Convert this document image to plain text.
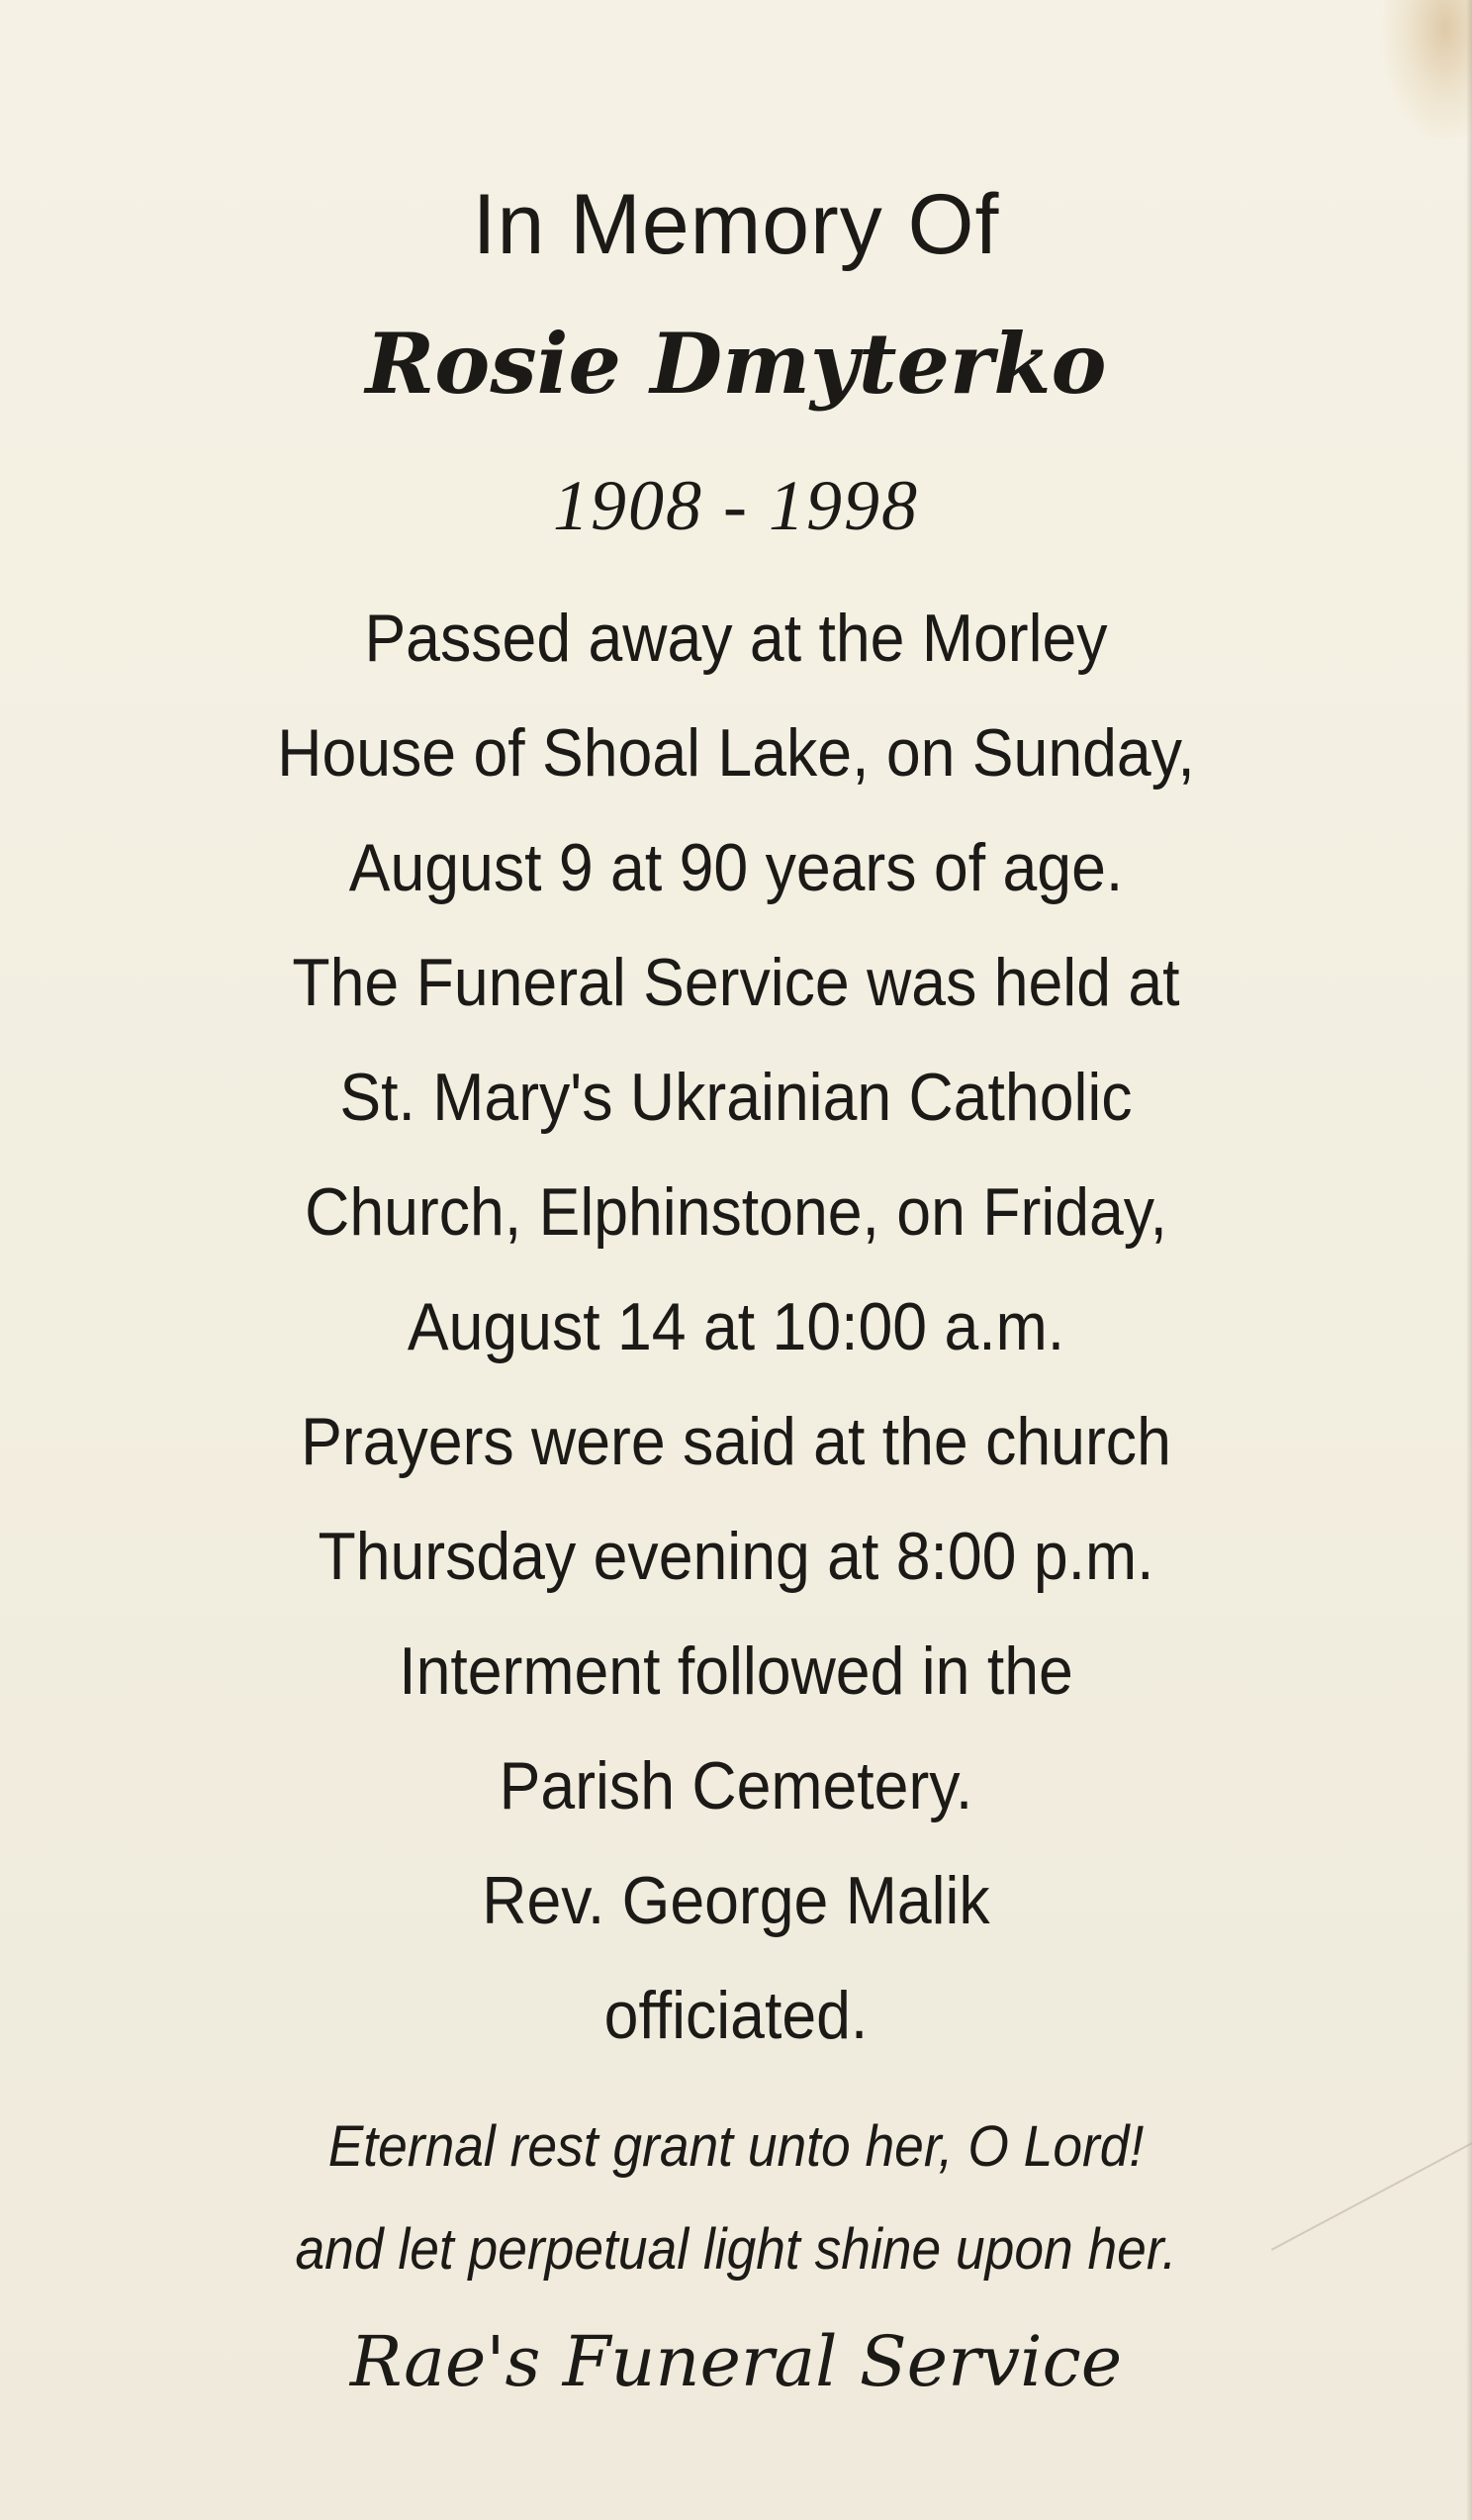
In Memory Of
Rosie Dmyterko
1908 - 1998
Passed away at the Morley
House of Shoal Lake, on Sunday,
August 9 at 90 years of age.
The Funeral Service was held at
St. Mary's Ukrainian Catholic
Church, Elphinstone, on Friday,
August 14 at 10:00 a.m.
Prayers were said at the church
Thursday evening at 8:00 p.m.
Interment followed in the
Parish Cemetery.
Rev. George Malik
officiated.
Eternal rest grant unto her, O Lord!
and let perpetual light shine upon her.
Rae's Funeral Service
